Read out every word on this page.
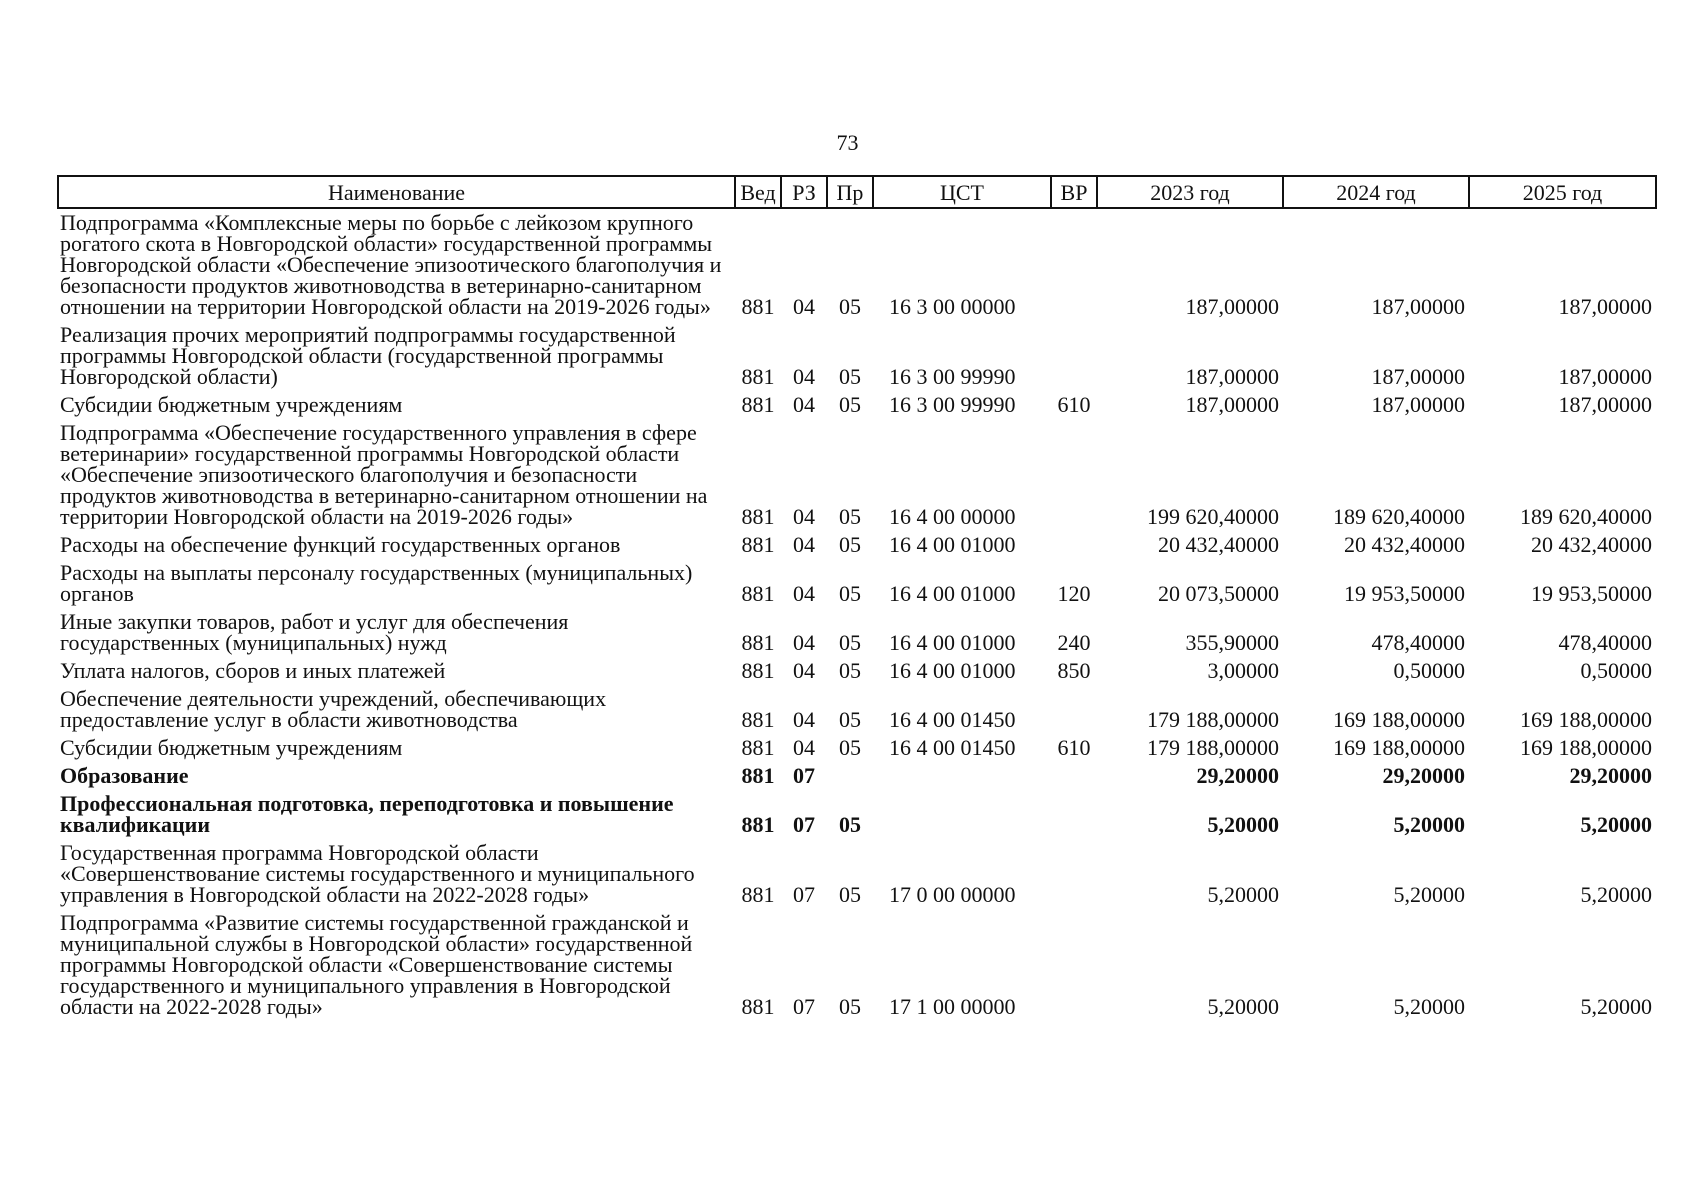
73
Наименование	Вед	РЗ	Пр	ЦСТ	ВР	2023 год	2024 год	2025 год
Подпрограмма «Комплексные меры по борьбе с лейкозом крупного рогатого скота в Новгородской области» государственной программы Новгородской области «Обеспечение эпизоотического благополучия и безопасности продуктов животноводства в ветеринарно-санитарном отношении на территории Новгородской области на 2019-2026 годы»	881	04	05	16 3 00 00000		187,00000	187,00000	187,00000
Реализация прочих мероприятий подпрограммы государственной программы Новгородской области (государственной программы Новгородской области)	881	04	05	16 3 00 99990		187,00000	187,00000	187,00000
Субсидии бюджетным учреждениям	881	04	05	16 3 00 99990	610	187,00000	187,00000	187,00000
Подпрограмма «Обеспечение государственного управления в сфере ветеринарии» государственной программы Новгородской области «Обеспечение эпизоотического благополучия и безопасности продуктов животноводства в ветеринарно-санитарном отношении на территории Новгородской области на 2019-2026 годы»	881	04	05	16 4 00 00000		199 620,40000	189 620,40000	189 620,40000
Расходы на обеспечение функций государственных органов	881	04	05	16 4 00 01000		20 432,40000	20 432,40000	20 432,40000
Расходы на выплаты персоналу государственных (муниципальных) органов	881	04	05	16 4 00 01000	120	20 073,50000	19 953,50000	19 953,50000
Иные закупки товаров, работ и услуг для обеспечения государственных (муниципальных) нужд	881	04	05	16 4 00 01000	240	355,90000	478,40000	478,40000
Уплата налогов, сборов и иных платежей	881	04	05	16 4 00 01000	850	3,00000	0,50000	0,50000
Обеспечение деятельности учреждений, обеспечивающих предоставление услуг в области животноводства	881	04	05	16 4 00 01450		179 188,00000	169 188,00000	169 188,00000
Субсидии бюджетным учреждениям	881	04	05	16 4 00 01450	610	179 188,00000	169 188,00000	169 188,00000
Образование	881	07				29,20000	29,20000	29,20000
Профессиональная подготовка, переподготовка и повышение квалификации	881	07	05			5,20000	5,20000	5,20000
Государственная программа Новгородской области «Совершенствование системы государственного и муниципального управления в Новгородской области на 2022-2028 годы»	881	07	05	17 0 00 00000		5,20000	5,20000	5,20000
Подпрограмма «Развитие системы государственной гражданской и муниципальной службы в Новгородской области» государственной программы Новгородской области «Совершенствование системы государственного и муниципального управления в Новгородской области на 2022-2028 годы»	881	07	05	17 1 00 00000		5,20000	5,20000	5,20000
